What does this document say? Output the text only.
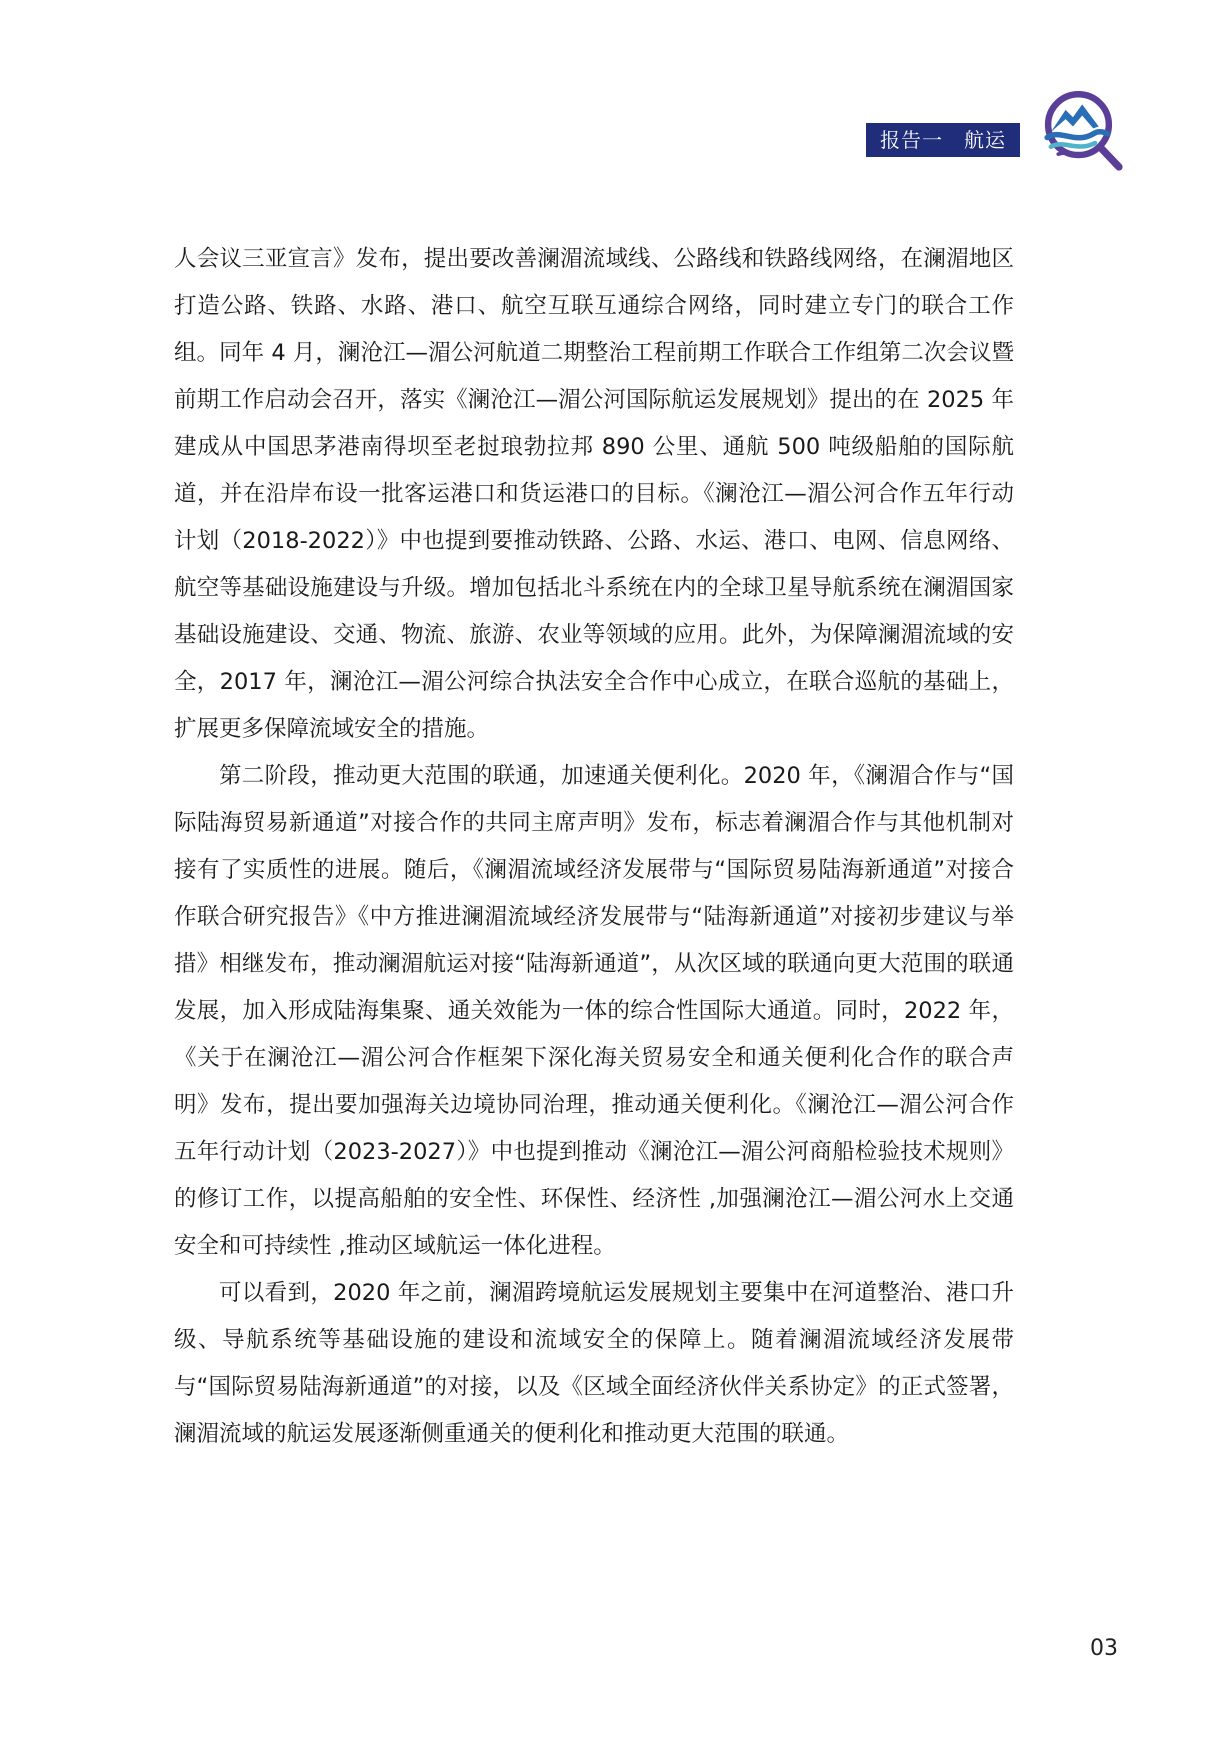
报告一　航运

人会议三亚宣言》发布，提出要改善澜湄流域线、公路线和铁路线网络，在澜湄地区打造公路、铁路、水路、港口、航空互联互通综合网络，同时建立专门的联合工作组。同年 4 月，澜沧江—湄公河航道二期整治工程前期工作联合工作组第二次会议暨前期工作启动会召开，落实《澜沧江—湄公河国际航运发展规划》提出的在 2025 年建成从中国思茅港南得坝至老挝琅勃拉邦 890 公里、通航 500 吨级船舶的国际航道，并在沿岸布设一批客运港口和货运港口的目标。《澜沧江—湄公河合作五年行动计划（2018-2022）》中也提到要推动铁路、公路、水运、港口、电网、信息网络、航空等基础设施建设与升级。增加包括北斗系统在内的全球卫星导航系统在澜湄国家基础设施建设、交通、物流、旅游、农业等领域的应用。此外，为保障澜湄流域的安全，2017 年，澜沧江—湄公河综合执法安全合作中心成立，在联合巡航的基础上，扩展更多保障流域安全的措施。

第二阶段，推动更大范围的联通，加速通关便利化。2020 年，《澜湄合作与“国际陆海贸易新通道”对接合作的共同主席声明》发布，标志着澜湄合作与其他机制对接有了实质性的进展。随后，《澜湄流域经济发展带与“国际贸易陆海新通道”对接合作联合研究报告》《中方推进澜湄流域经济发展带与“陆海新通道”对接初步建议与举措》相继发布，推动澜湄航运对接“陆海新通道”，从次区域的联通向更大范围的联通发展，加入形成陆海集聚、通关效能为一体的综合性国际大通道。同时，2022 年，《关于在澜沧江—湄公河合作框架下深化海关贸易安全和通关便利化合作的联合声明》发布，提出要加强海关边境协同治理，推动通关便利化。《澜沧江—湄公河合作五年行动计划（2023-2027）》中也提到推动《澜沧江—湄公河商船检验技术规则》的修订工作，以提高船舶的安全性、环保性、经济性 ,加强澜沧江—湄公河水上交通安全和可持续性 ,推动区域航运一体化进程。

可以看到，2020 年之前，澜湄跨境航运发展规划主要集中在河道整治、港口升级、导航系统等基础设施的建设和流域安全的保障上。随着澜湄流域经济发展带与“国际贸易陆海新通道”的对接，以及《区域全面经济伙伴关系协定》的正式签署，澜湄流域的航运发展逐渐侧重通关的便利化和推动更大范围的联通。

03
